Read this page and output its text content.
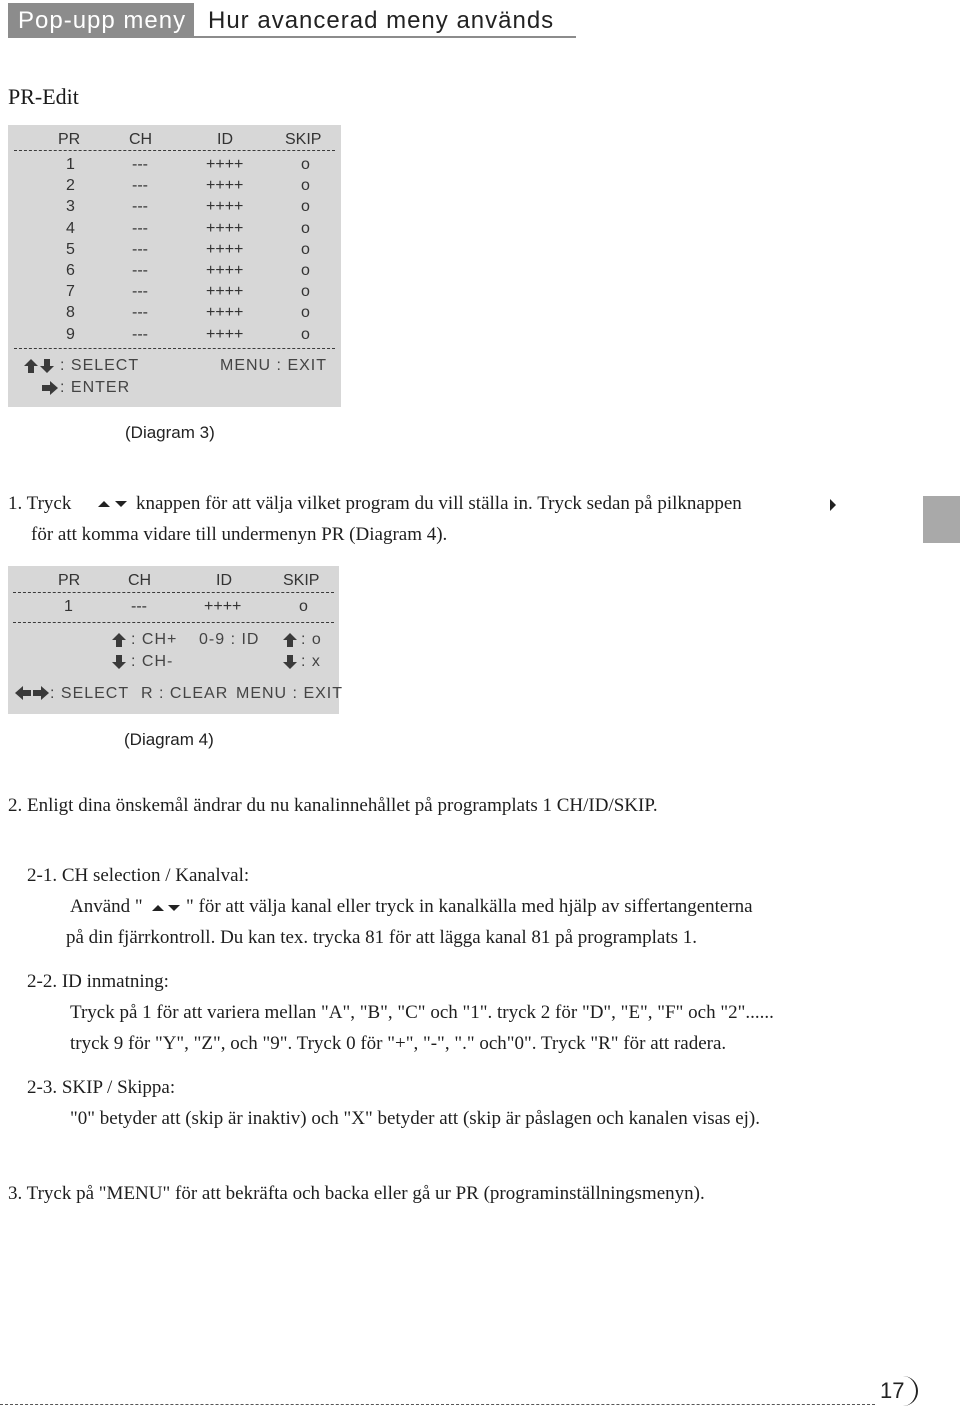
Pop-upp meny Hur avancerad meny används
PR-Edit
PR	CH	ID	SKIP
1	---	++++	o
2	---	++++	o
3	---	++++	o
4	---	++++	o
5	---	++++	o
6	---	++++	o
7	---	++++	o
8	---	++++	o
9	---	++++	o
: SELECT	MENU : EXIT
: ENTER
(Diagram 3)
1. Tryck	knappen för att välja vilket program du vill ställa in. Tryck sedan på pilknappen
för att komma vidare till undermenyn PR (Diagram 4).
PR	CH	ID	SKIP
1	---	++++	o
: CH+ 0-9 : ID	: o
: CH-	: x
: SELECT R : CLEAR MENU : EXIT
(Diagram 4)
2. Enligt dina önskemål ändrar du nu kanalinnehållet på programplats 1 CH/ID/SKIP.
2-1. CH selection / Kanalval:
Använd " " för att välja kanal eller tryck in kanalkälla med hjälp av siffertangenterna
på din fjärrkontroll. Du kan tex. trycka 81 för att lägga kanal 81 på programplats 1.
2-2. ID inmatning:
Tryck på 1 för att variera mellan "A", "B", "C" och "1". tryck 2 för "D", "E", "F" och "2"......
tryck 9 för "Y", "Z", och "9". Tryck 0 för "+", "-", "." och"0". Tryck "R" för att radera.
2-3. SKIP / Skippa:
"0" betyder att (skip är inaktiv) och "X" betyder att (skip är påslagen och kanalen visas ej).
3. Tryck på "MENU" för att bekräfta och backa eller gå ur PR (programinställningsmenyn).
17
